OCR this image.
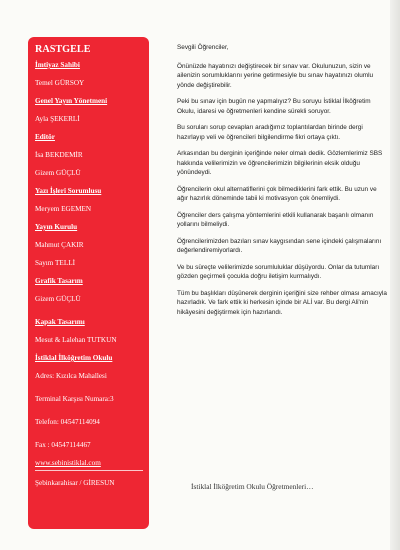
RASTGELE
İmtiyaz Sahibi
Temel GÜRSOY
Genel Yayın Yönetmeni
Ayla ŞEKERLİ
Editör
İsa BEKDEMİR
Gizem GÜÇLÜ
Yazı İşleri Sorumlusu
Meryem EGEMEN
Yayın Kurulu
Mahmut ÇAKIR
Sayım TELLİ
Grafik Tasarım
Gizem GÜÇLÜ
Kapak Tasarımı
Mesut & Lalehan TUTKUN
İstiklal İlköğretim Okulu
Adres: Kızılca Mahallesi
Terminal Karşısı Numara:3
Telefon: 04547114094
Fax : 04547114467
www.sebinistiklal.com
Şebinkarahisar / GİRESUN

Sevgili Öğrenciler,

Önünüzde hayatınızı değiştirecek bir sınav var. Okulunuzun, sizin ve ailenizin sorumluklarını yerine getirmesiyle bu sınav hayatınızı olumlu yönde değiştirebilir.

Peki bu sınav için bugün ne yapmalıyız? Bu soruyu İstiklal İlköğretim Okulu, idaresi ve öğretmenleri kendine sürekli soruyor.

Bu soruları sorup cevapları aradığımız toplantılardan birinde dergi hazırlayıp veli ve öğrencileri bilgilendirme fikri ortaya çıktı.

Arkasından bu derginin içeriğinde neler olmalı dedik. Gözlemlerimiz SBS hakkında velilerimizin ve öğrencilerimizin bilgilerinin eksik olduğu yönündeydi.

Öğrencilerin okul alternatiflerini çok bilmediklerini fark ettik. Bu uzun ve ağır hazırlık döneminde tabii ki motivasyon çok önemliydi.

Öğrenciler ders çalışma yöntemlerini etkili kullanarak başarılı olmanın yollarını bilmeliydi.

Öğrencilerimizden bazıları sınav kaygısından sene içindeki çalışmalarını değerlendiremiyorlardı.

Ve bu süreçte velilerimizde sorumluluklar düşüyordu. Onlar da tutumları gözden geçirmeli çocukla doğru iletişim kurmalıydı.

Tüm bu başlıkları düşünerek derginin içeriğini size rehber olması amacıyla hazırladık. Ve fark ettik ki herkesin içinde bir ALİ var. Bu dergi Ali'nin hikâyesini değiştirmek için hazırlandı.

İstiklal İlköğretim Okulu Öğretmenleri…
